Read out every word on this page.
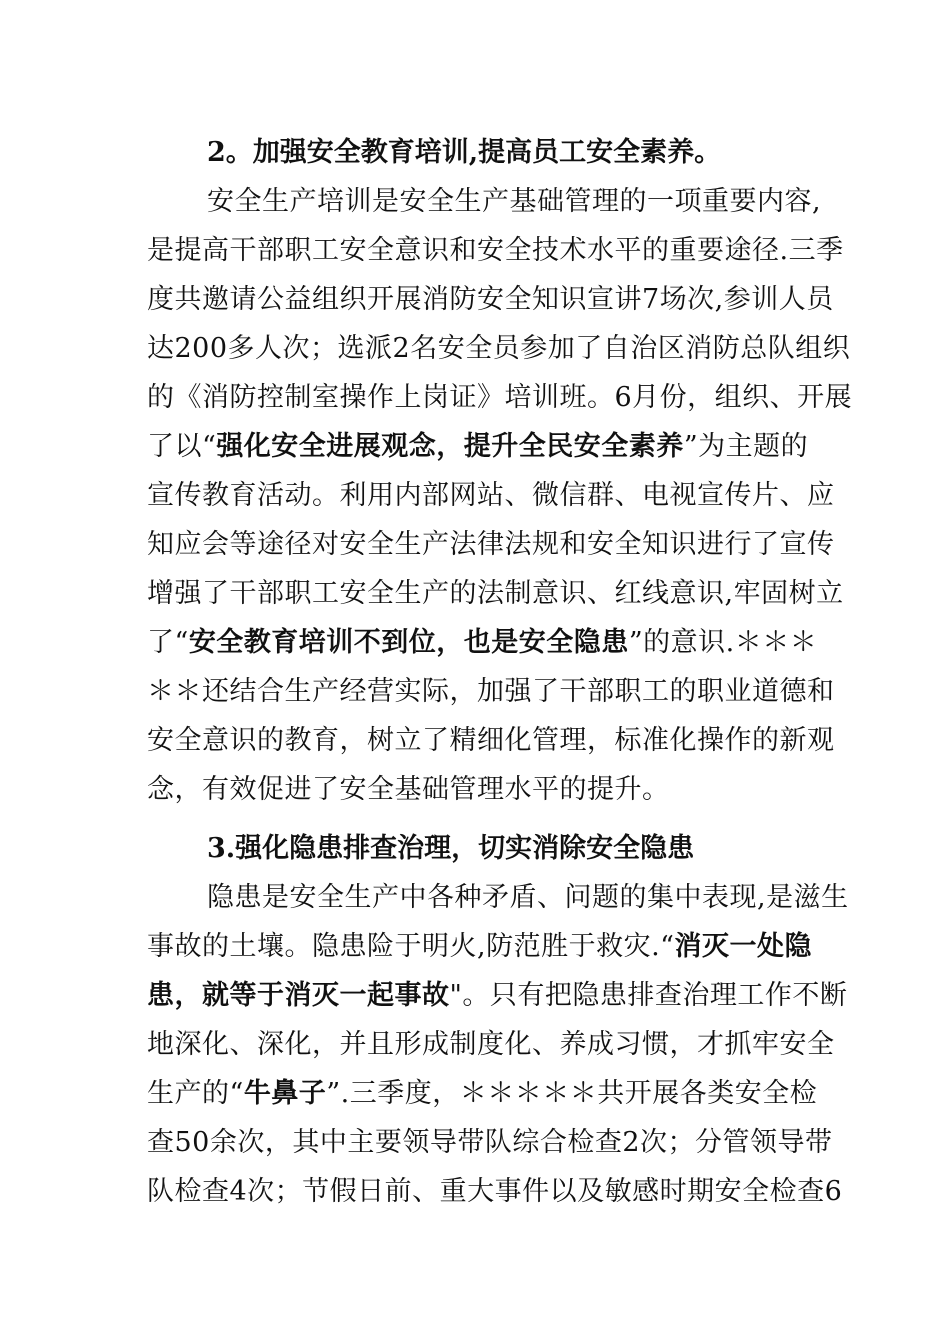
2。加强安全教育培训,提高员工安全素养。
安全生产培训是安全生产基础管理的一项重要内容,
是提高干部职工安全意识和安全技术水平的重要途径.三季
度共邀请公益组织开展消防安全知识宣讲7场次,参训人员
达200多人次；选派2名安全员参加了自治区消防总队组织
的《消防控制室操作上岗证》培训班。6月份，组织、开展
了以“强化安全进展观念，提升全民安全素养”为主题的
宣传教育活动。利用内部网站、微信群、电视宣传片、应
知应会等途径对安全生产法律法规和安全知识进行了宣传
增强了干部职工安全生产的法制意识、红线意识,牢固树立
了“安全教育培训不到位，也是安全隐患”的意识.＊＊＊
＊＊还结合生产经营实际，加强了干部职工的职业道德和
安全意识的教育，树立了精细化管理，标准化操作的新观
念，有效促进了安全基础管理水平的提升。
3.强化隐患排查治理，切实消除安全隐患
隐患是安全生产中各种矛盾、问题的集中表现,是滋生
事故的土壤。隐患险于明火,防范胜于救灾.“消灭一处隐
患，就等于消灭一起事故"。只有把隐患排查治理工作不断
地深化、深化，并且形成制度化、养成习惯，才抓牢安全
生产的“牛鼻子”.三季度，＊＊＊＊＊共开展各类安全检
查50余次，其中主要领导带队综合检查2次；分管领导带
队检查4次；节假日前、重大事件以及敏感时期安全检查6
